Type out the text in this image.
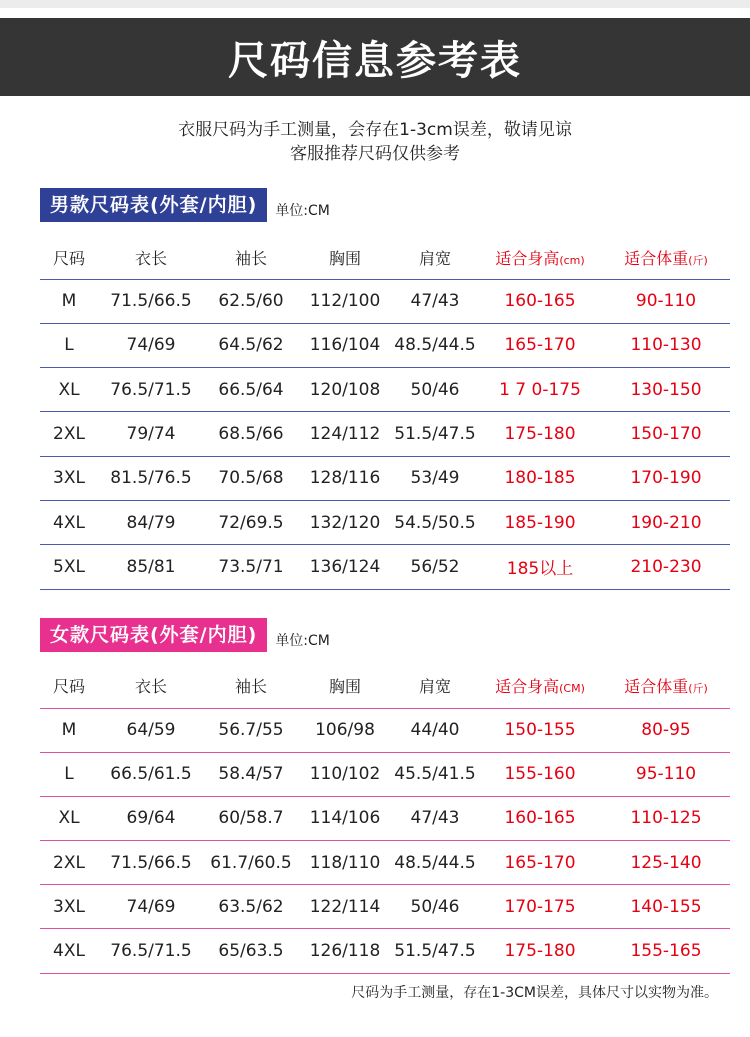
尺码信息参考表
衣服尺码为手工测量，会存在1-3cm误差，敬请见谅
客服推荐尺码仅供参考
男款尺码表(外套/内胆)	单位:CM
尺码	衣长	袖长	胸围	肩宽	适合身高(cm)	适合体重(斤)
M	71.5/66.5	62.5/60	112/100	47/43	160-165	90-110
L	74/69	64.5/62	116/104	48.5/44.5	165-170	110-130
XL	76.5/71.5	66.5/64	120/108	50/46	1 7 0-175	130-150
2XL	79/74	68.5/66	124/112	51.5/47.5	175-180	150-170
3XL	81.5/76.5	70.5/68	128/116	53/49	180-185	170-190
4XL	84/79	72/69.5	132/120	54.5/50.5	185-190	190-210
5XL	85/81	73.5/71	136/124	56/52	185以上	210-230
女款尺码表(外套/内胆)	单位:CM
尺码	衣长	袖长	胸围	肩宽	适合身高(CM)	适合体重(斤)
M	64/59	56.7/55	106/98	44/40	150-155	80-95
L	66.5/61.5	58.4/57	110/102	45.5/41.5	155-160	95-110
XL	69/64	60/58.7	114/106	47/43	160-165	110-125
2XL	71.5/66.5	61.7/60.5	118/110	48.5/44.5	165-170	125-140
3XL	74/69	63.5/62	122/114	50/46	170-175	140-155
4XL	76.5/71.5	65/63.5	126/118	51.5/47.5	175-180	155-165
尺码为手工测量，存在1-3CM误差，具体尺寸以实物为准。
